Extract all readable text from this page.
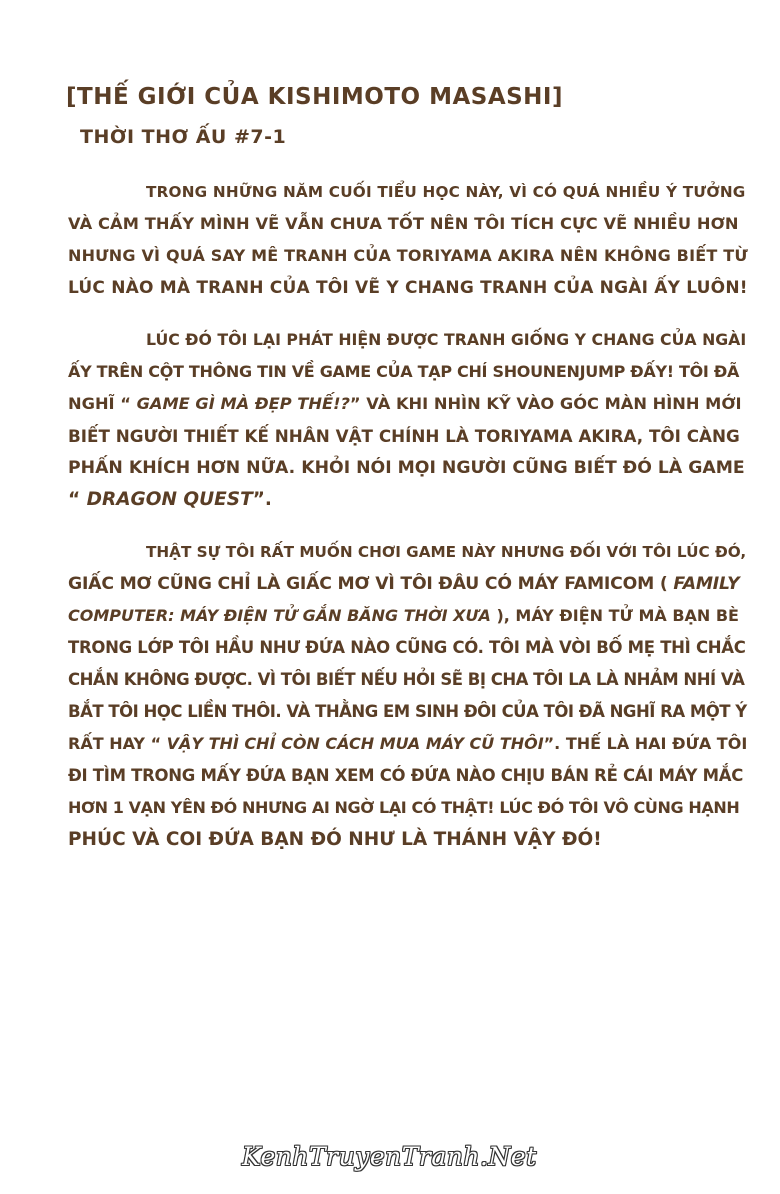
[THẾ GIỚI CỦA KISHIMOTO MASASHI]
THỜI THƠ ẤU #7-1
TRONG NHỮNG NĂM CUỐI TIỂU HỌC NÀY, VÌ CÓ QUÁ NHIỀU Ý TƯỞNG
VÀ CẢM THẤY MÌNH VẼ VẪN CHƯA TỐT NÊN TÔI TÍCH CỰC VẼ NHIỀU HƠN
NHƯNG VÌ QUÁ SAY MÊ TRANH CỦA TORIYAMA AKIRA NÊN KHÔNG BIẾT TỪ
LÚC NÀO MÀ TRANH CỦA TÔI VẼ Y CHANG TRANH CỦA NGÀI ẤY LUÔN!
LÚC ĐÓ TÔI LẠI PHÁT HIỆN ĐƯỢC TRANH GIỐNG Y CHANG CỦA NGÀI
ẤY TRÊN CỘT THÔNG TIN VỀ GAME CỦA TẠP CHÍ SHOUNENJUMP ĐẤY! TÔI ĐÃ
NGHĨ “ GAME GÌ MÀ ĐẸP THẾ!?” VÀ KHI NHÌN KỸ VÀO GÓC MÀN HÌNH MỚI
BIẾT NGƯỜI THIẾT KẾ NHÂN VẬT CHÍNH LÀ TORIYAMA AKIRA, TÔI CÀNG
PHẤN KHÍCH HƠN NỮA. KHỎI NÓI MỌI NGƯỜI CŨNG BIẾT ĐÓ LÀ GAME
“ DRAGON QUEST”.
THẬT SỰ TÔI RẤT MUỐN CHƠI GAME NÀY NHƯNG ĐỐI VỚI TÔI LÚC ĐÓ,
GIẤC MƠ CŨNG CHỈ LÀ GIẤC MƠ VÌ TÔI ĐÂU CÓ MÁY FAMICOM ( FAMILY
COMPUTER: MÁY ĐIỆN TỬ GẮN BĂNG THỜI XƯA ), MÁY ĐIỆN TỬ MÀ BẠN BÈ
TRONG LỚP TÔI HẦU NHƯ ĐỨA NÀO CŨNG CÓ. TÔI MÀ VÒI BỐ MẸ THÌ CHẮC
CHẮN KHÔNG ĐƯỢC. VÌ TÔI BIẾT NẾU HỎI SẼ BỊ CHA TÔI LA LÀ NHẢM NHÍ VÀ
BẮT TÔI HỌC LIỀN THÔI. VÀ THẰNG EM SINH ĐÔI CỦA TÔI ĐÃ NGHĨ RA MỘT Ý
RẤT HAY “ VẬY THÌ CHỈ CÒN CÁCH MUA MÁY CŨ THÔI”. THẾ LÀ HAI ĐỨA TÔI
ĐI TÌM TRONG MẤY ĐỨA BẠN XEM CÓ ĐỨA NÀO CHỊU BÁN RẺ CÁI MÁY MẮC
HƠN 1 VẠN YÊN ĐÓ NHƯNG AI NGỜ LẠI CÓ THẬT! LÚC ĐÓ TÔI VÔ CÙNG HẠNH
PHÚC VÀ COI ĐỨA BẠN ĐÓ NHƯ LÀ THÁNH VẬY ĐÓ!
KenhTruyenTranh.Net
